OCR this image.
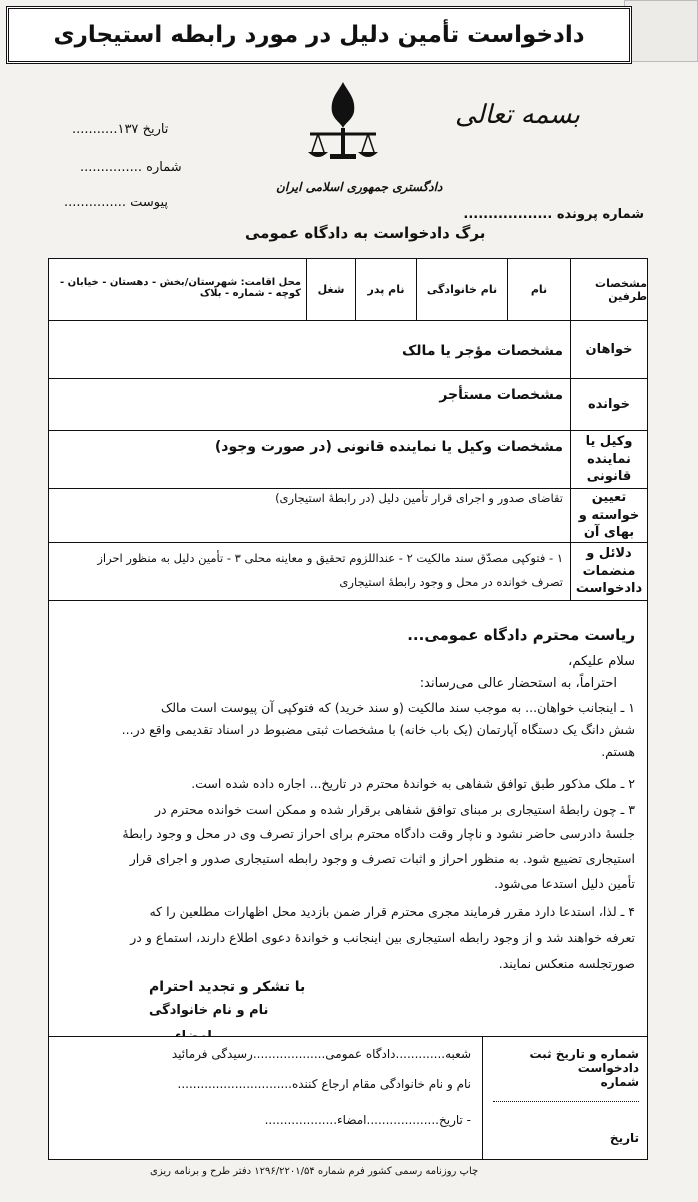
دادخواست تأمین دلیل در مورد رابطه استیجاری
تاریخ ۱۳۷...........
شماره ...............
پیوست ...............
دادگستری جمهوری اسلامی ایران
بسمه تعالی
شماره پرونده ..................
برگ دادخواست به دادگاه عمومی
مشخصات طرفین
نام
نام خانوادگی
نام پدر
شغل
محل اقامت: شهرستان/بخش - دهستان - خیابان - کوچه - شماره - بلاک
خواهان
مشخصات مؤجر یا مالک
خوانده
مشخصات مستأجر
وکیل یا نماینده قانونی
مشخصات وکیل یا نماینده قانونی (در صورت وجود)
تعیین خواسته و بهای آن
تقاضای صدور و اجرای قرار تأمین دلیل (در رابطهٔ استیجاری)
دلائل و منضمات دادخواست
۱ - فتوکپی مصدّق سند مالکیت ۲ - عنداللزوم تحقیق و معاینه محلی ۳ - تأمین دلیل به منظور احراز
تصرف خوانده در محل و وجود رابطهٔ استیجاری
ریاست محترم دادگاه عمومی...
سلام علیکم،
احتراماً، به استحضار عالی می‌رساند:
۱ ـ اینجانب خواهان... به موجب سند مالکیت (و سند خرید) که فتوکپی آن پیوست است مالک
شش دانگ یک دستگاه آپارتمان (یک باب خانه) با مشخصات ثبتی مضبوط در اسناد تقدیمی واقع در...
هستم.
۲ ـ ملک مذکور طبق توافق شفاهی به خواندهٔ محترم در تاریخ... اجاره داده شده است.
۳ ـ چون رابطهٔ استیجاری بر مبنای توافق شفاهی برقرار شده و ممکن است خوانده محترم در
جلسهٔ دادرسی حاضر نشود و ناچار وقت دادگاه محترم برای احراز تصرف وی در محل و وجود رابطهٔ
استیجاری تضییع شود. به منظور احراز و اثبات تصرف و وجود رابطه استیجاری صدور و اجرای قرار
تأمین دلیل استدعا می‌شود.
۴ ـ لذا، استدعا دارد مقرر فرمایند مجری محترم قرار ضمن بازدید محل اظهارات مطلعین را که
تعرفه خواهند شد و از وجود رابطه استیجاری بین اینجانب و خواندهٔ دعوی اطلاع دارند، استماع و در
صورتجلسه منعکس نمایند.
با تشکر و تجدید احترام
نام و نام خانوادگی
شماره و تاریخ ثبت دادخواست
شماره
تاریخ
شعبه.............دادگاه عمومی...................رسیدگی فرمائید
نام و نام خانوادگی مقام ارجاع کننده..............................
- تاریخ...................امضاء...................
چاپ روزنامه رسمی کشور فرم شماره ۱۲۹۶/۲۲۰۱/۵۴ دفتر طرح و برنامه ریزی
